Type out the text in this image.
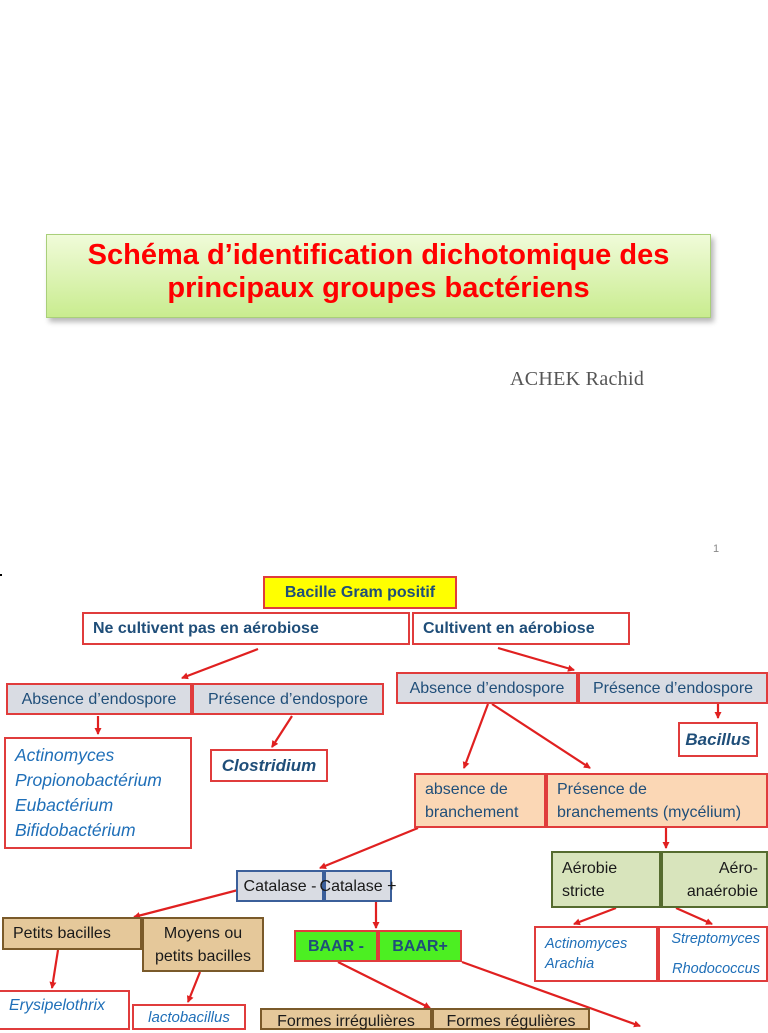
Schéma d’identification dichotomique des
principaux groupes bactériens
ACHEK Rachid
1
Bacille Gram positif
Ne cultivent pas en aérobiose	Cultivent en aérobiose
Absence d’endospore Présence d’endospore
Absence d’endospore Présence d’endospore
Actinomyces
Propionobactérium
Eubactérium
Bifidobactérium
Clostridium
Bacillus
absence de
branchement
Présence de
branchements (mycélium)
Aérobie
stricte
Aéro-
anaérobie
Catalase - Catalase +
Actinomyces
Arachia
Streptomyces
Rhodococcus
Petits bacilles	Moyens ou
petits bacilles
BAAR - BAAR+
Erysipelothrix
lactobacillus	Formes irrégulières Formes régulières
